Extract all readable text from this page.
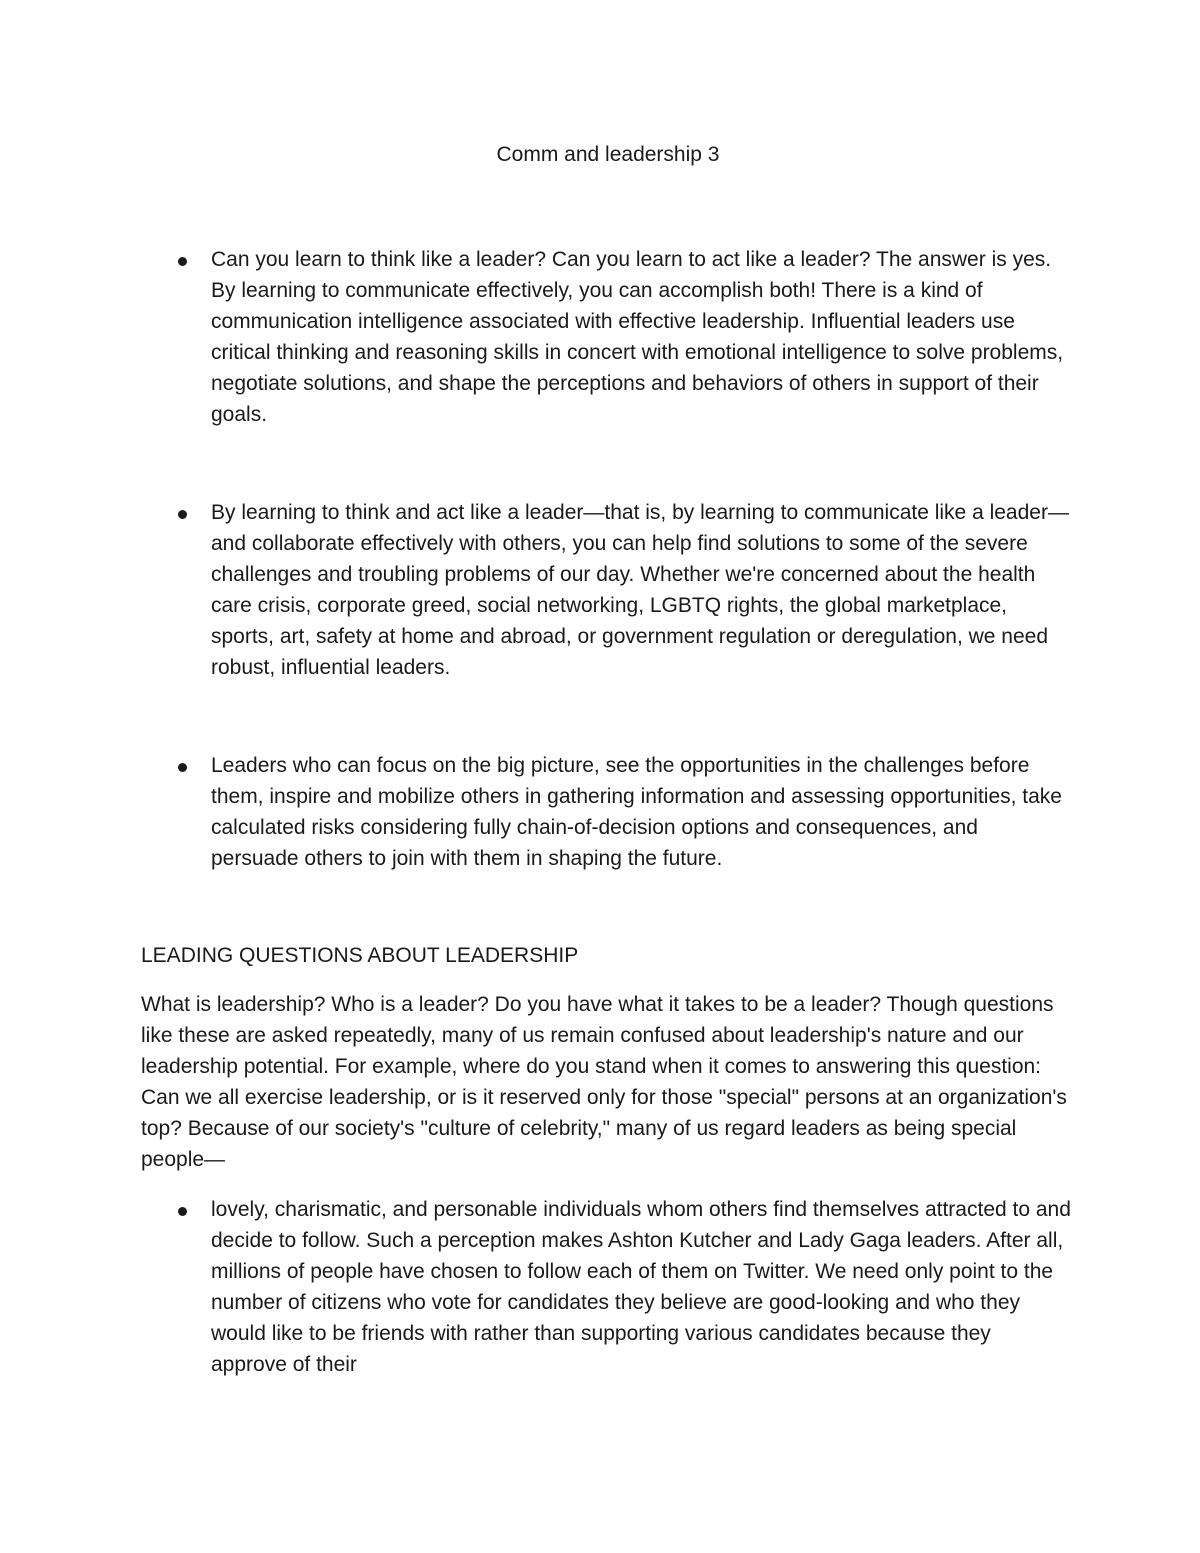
Comm and leadership 3
Can you learn to think like a leader? Can you learn to act like a leader? The answer is yes. By learning to communicate effectively, you can accomplish both! There is a kind of communication intelligence associated with effective leadership. Influential leaders use critical thinking and reasoning skills in concert with emotional intelligence to solve problems, negotiate solutions, and shape the perceptions and behaviors of others in support of their goals.
By learning to think and act like a leader—that is, by learning to communicate like a leader—and collaborate effectively with others, you can help find solutions to some of the severe challenges and troubling problems of our day. Whether we're concerned about the health care crisis, corporate greed, social networking, LGBTQ rights, the global marketplace, sports, art, safety at home and abroad, or government regulation or deregulation, we need robust, influential leaders.
Leaders who can focus on the big picture, see the opportunities in the challenges before them, inspire and mobilize others in gathering information and assessing opportunities, take calculated risks considering fully chain-of-decision options and consequences, and persuade others to join with them in shaping the future.
LEADING QUESTIONS ABOUT LEADERSHIP

What is leadership? Who is a leader? Do you have what it takes to be a leader? Though questions like these are asked repeatedly, many of us remain confused about leadership's nature and our leadership potential. For example, where do you stand when it comes to answering this question: Can we all exercise leadership, or is it reserved only for those "special" persons at an organization's top? Because of our society's "culture of celebrity," many of us regard leaders as being special people—

lovely, charismatic, and personable individuals whom others find themselves attracted to and decide to follow. Such a perception makes Ashton Kutcher and Lady Gaga leaders. After all, millions of people have chosen to follow each of them on Twitter. We need only point to the number of citizens who vote for candidates they believe are good-looking and who they would like to be friends with rather than supporting various candidates because they approve of their
